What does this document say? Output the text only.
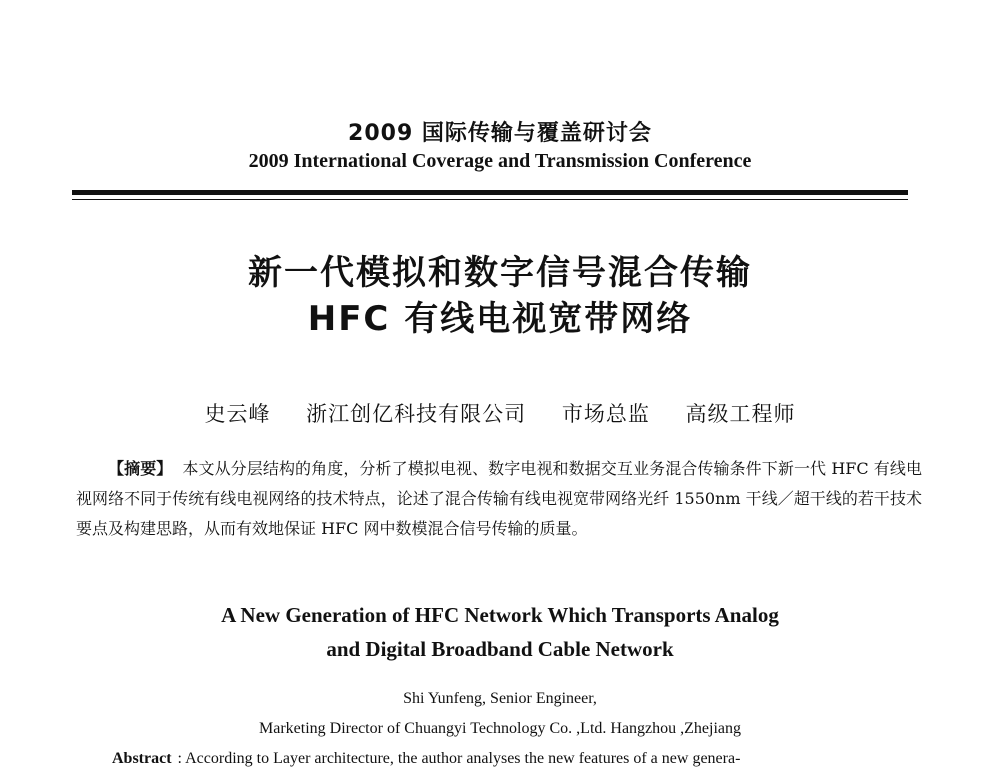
2009 国际传输与覆盖研讨会
2009 International Coverage and Transmission Conference
新一代模拟和数字信号混合传输
HFC 有线电视宽带网络
史云峰 浙江创亿科技有限公司 市场总监 高级工程师
【摘要】 本文从分层结构的角度，分析了模拟电视、数字电视和数据交互业务混合传输条件下新一代 HFC 有线电视网络不同于传统有线电视网络的技术特点，论述了混合传输有线电视宽带网络光纤 1550nm 干线／超干线的若干技术要点及构建思路，从而有效地保证 HFC 网中数模混合信号传输的质量。
A New Generation of HFC Network Which Transports Analog
and Digital Broadband Cable Network
Shi Yunfeng, Senior Engineer,
Marketing Director of Chuangyi Technology Co. ,Ltd. Hangzhou ,Zhejiang
Abstract : According to Layer architecture, the author analyses the new features of a new genera-
